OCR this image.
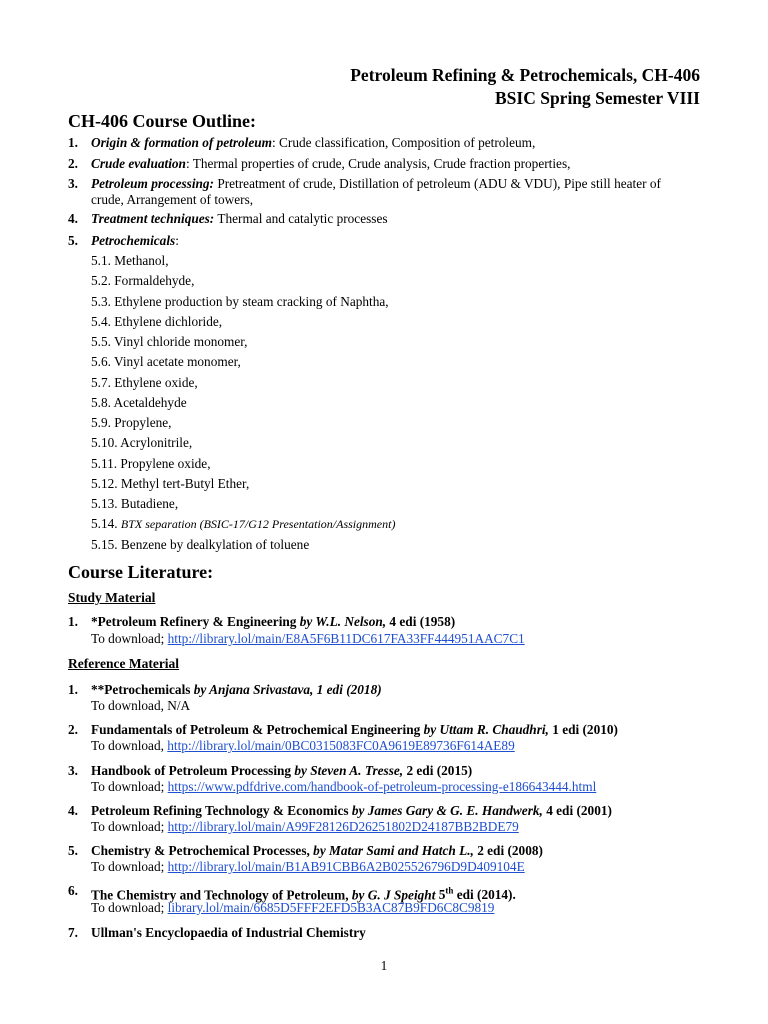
Petroleum Refining & Petrochemicals, CH-406
BSIC Spring Semester VIII
CH-406 Course Outline:
1. Origin & formation of petroleum: Crude classification, Composition of petroleum,
2. Crude evaluation: Thermal properties of crude, Crude analysis, Crude fraction properties,
3. Petroleum processing: Pretreatment of crude, Distillation of petroleum (ADU & VDU), Pipe still heater of
crude, Arrangement of towers,
4. Treatment techniques: Thermal and catalytic processes
5. Petrochemicals:
5.1. Methanol,
5.2. Formaldehyde,
5.3. Ethylene production by steam cracking of Naphtha,
5.4. Ethylene dichloride,
5.5. Vinyl chloride monomer,
5.6. Vinyl acetate monomer,
5.7. Ethylene oxide,
5.8. Acetaldehyde
5.9. Propylene,
5.10. Acrylonitrile,
5.11. Propylene oxide,
5.12. Methyl tert-Butyl Ether,
5.13. Butadiene,
5.14. BTX separation (BSIC-17/G12 Presentation/Assignment)
5.15. Benzene by dealkylation of toluene
Course Literature:
Study Material
1. *Petroleum Refinery & Engineering by W.L. Nelson, 4 edi (1958)
To download; http://library.lol/main/E8A5F6B11DC617FA33FF444951AAC7C1
Reference Material
1. **Petrochemicals by Anjana Srivastava, 1 edi (2018)
To download, N/A
2. Fundamentals of Petroleum & Petrochemical Engineering by Uttam R. Chaudhri, 1 edi (2010)
To download, http://library.lol/main/0BC0315083FC0A9619E89736F614AE89
3. Handbook of Petroleum Processing by Steven A. Tresse, 2 edi (2015)
To download; https://www.pdfdrive.com/handbook-of-petroleum-processing-e186643444.html
4. Petroleum Refining Technology & Economics by James Gary & G. E. Handwerk, 4 edi (2001)
To download; http://library.lol/main/A99F28126D26251802D24187BB2BDE79
5. Chemistry & Petrochemical Processes, by Matar Sami and Hatch L., 2 edi (2008)
To download; http://library.lol/main/B1AB91CBB6A2B025526796D9D409104E
6. The Chemistry and Technology of Petroleum, by G. J Speight 5th edi (2014).
To download; library.lol/main/6685D5FFF2EFD5B3AC87B9FD6C8C9819
7. Ullman's Encyclopaedia of Industrial Chemistry
1
